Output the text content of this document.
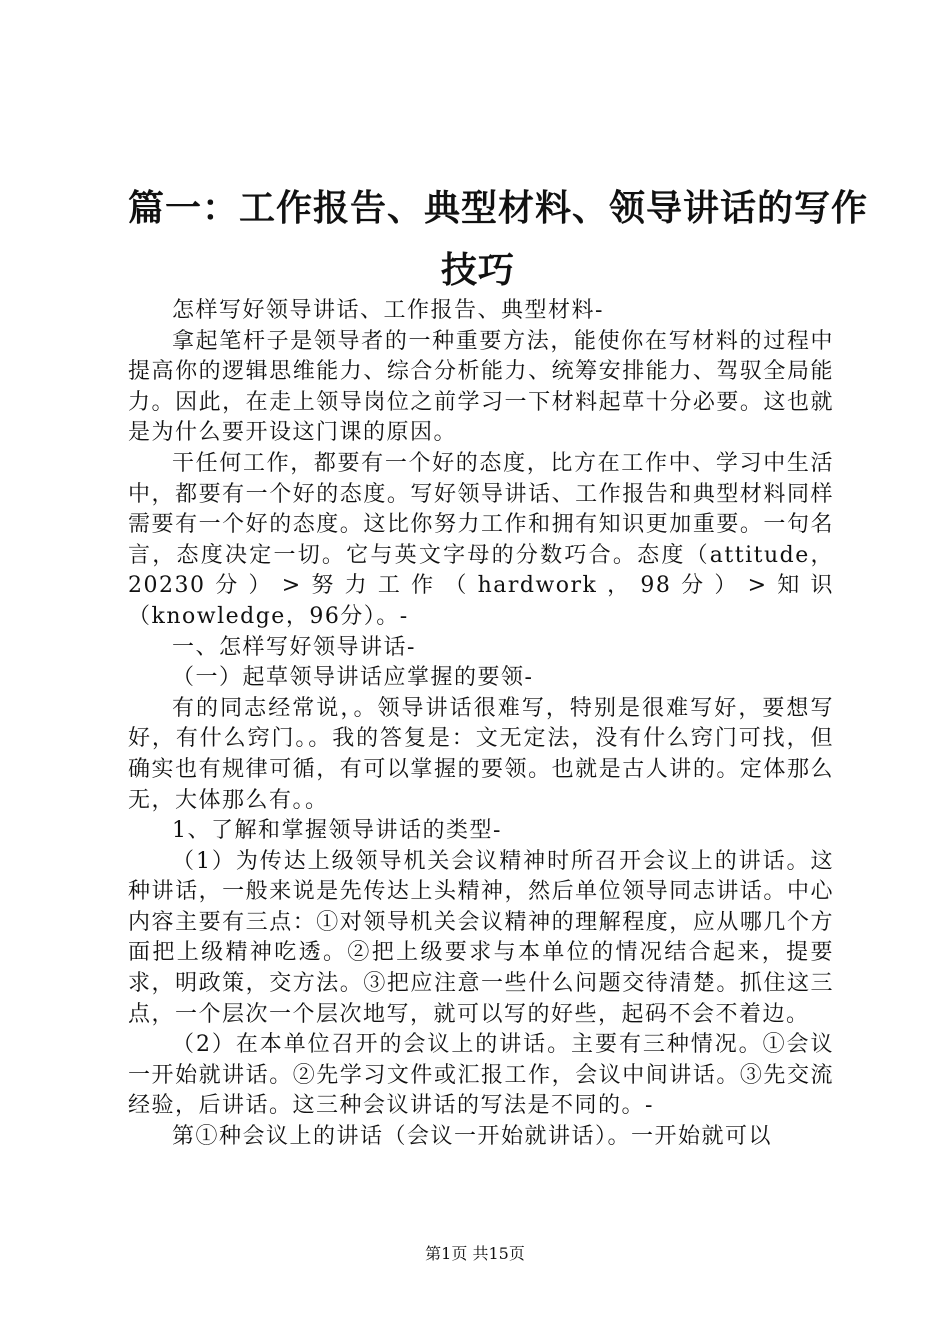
篇一：工作报告、典型材料、领导讲话的写作
技巧

怎样写好领导讲话、工作报告、典型材料-

拿起笔杆子是领导者的一种重要方法，能使你在写材料的过程中提高你的逻辑思维能力、综合分析能力、统筹安排能力、驾驭全局能力。因此，在走上领导岗位之前学习一下材料起草十分必要。这也就是为什么要开设这门课的原因。

干任何工作，都要有一个好的态度，比方在工作中、学习中生活中，都要有一个好的态度。写好领导讲话、工作报告和典型材料同样需要有一个好的态度。这比你努力工作和拥有知识更加重要。一句名言，态度决定一切。它与英文字母的分数巧合。态度（attitude，20230分）>努力工作（hardwork，98分）>知识（knowledge，96分）。-

一、怎样写好领导讲话-

（一）起草领导讲话应掌握的要领-

有的同志经常说，。领导讲话很难写，特别是很难写好，要想写好，有什么窍门。。我的答复是：文无定法，没有什么窍门可找，但确实也有规律可循，有可以掌握的要领。也就是古人讲的。定体那么无，大体那么有。。

1、了解和掌握领导讲话的类型-

（1）为传达上级领导机关会议精神时所召开会议上的讲话。这种讲话，一般来说是先传达上头精神，然后单位领导同志讲话。中心内容主要有三点：①对领导机关会议精神的理解程度，应从哪几个方面把上级精神吃透。②把上级要求与本单位的情况结合起来，提要求，明政策，交方法。③把应注意一些什么问题交待清楚。抓住这三点，一个层次一个层次地写，就可以写的好些，起码不会不着边。

（2）在本单位召开的会议上的讲话。主要有三种情况。①会议一开始就讲话。②先学习文件或汇报工作，会议中间讲话。③先交流经验，后讲话。这三种会议讲话的写法是不同的。-

第①种会议上的讲话（会议一开始就讲话）。一开始就可以

第1页 共15页
